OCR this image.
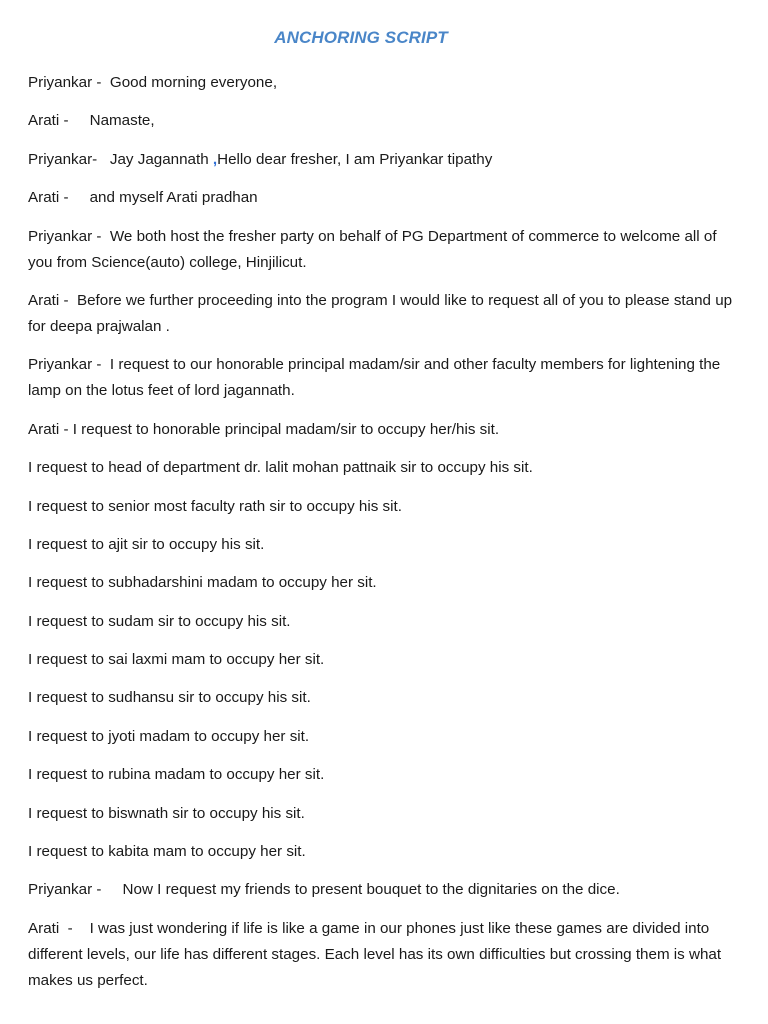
ANCHORING SCRIPT
Priyankar -  Good morning everyone,
Arati -     Namaste,
Priyankar-   Jay Jagannath ,Hello dear fresher, I am Priyankar tipathy
Arati -     and myself Arati pradhan
Priyankar -  We both host the fresher party on behalf of PG Department of commerce to welcome all of you from Science(auto) college, Hinjilicut.
Arati -  Before we further proceeding into the program I would like to request all of you to please stand up for deepa prajwalan .
Priyankar -  I request to our honorable principal madam/sir and other faculty members for lightening the lamp on the lotus feet of lord jagannath.
Arati - I request to honorable principal madam/sir to occupy her/his sit.
I request to head of department dr. lalit mohan pattnaik sir to occupy his sit.
I request to senior most faculty rath sir to occupy his sit.
I request to ajit sir to occupy his sit.
I request to subhadarshini madam to occupy her sit.
I request to sudam sir to occupy his sit.
I request to sai laxmi mam to occupy her sit.
I request to sudhansu sir to occupy his sit.
I request to jyoti madam to occupy her sit.
I request to rubina madam to occupy her sit.
I request to biswnath sir to occupy his sit.
I request to kabita mam to occupy her sit.
Priyankar -     Now I request my friends to present bouquet to the dignitaries on the dice.
Arati  -    I was just wondering if life is like a game in our phones just like these games are divided into different levels, our life has different stages. Each level has its own difficulties but crossing them is what makes us perfect.
